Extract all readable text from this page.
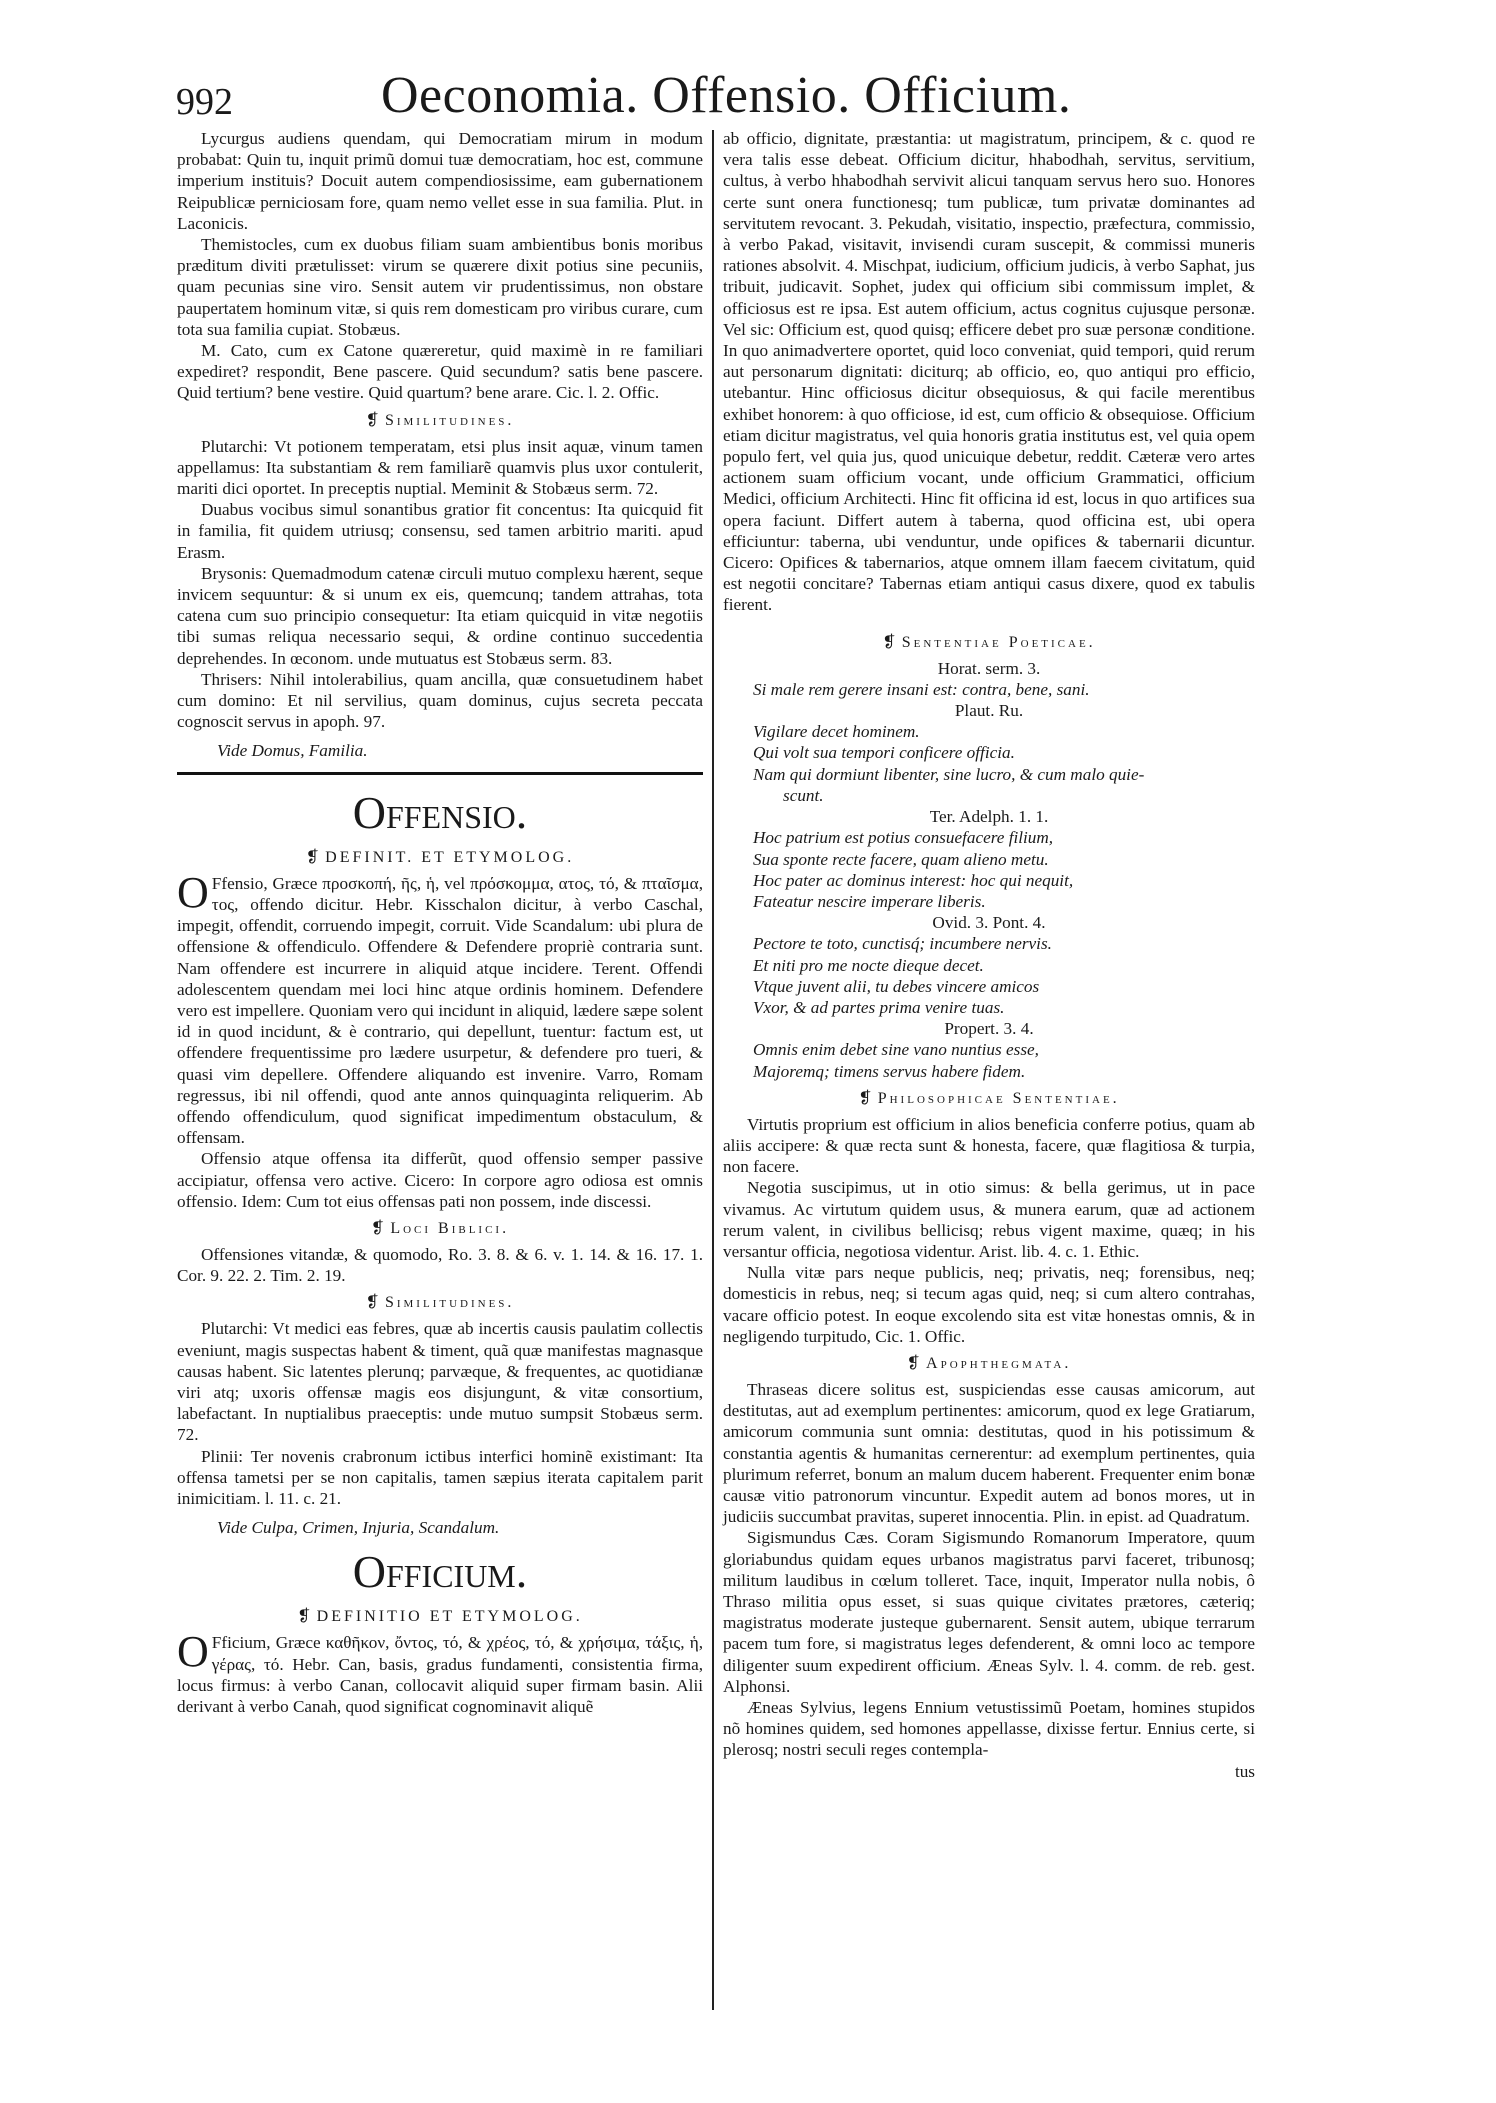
992	Oeconomia. Offensio. Officium.

Lycurgus audiens quendam, qui Democratiam mirum in modum probabat: Quin tu, inquit primũ domui tuæ democratiam, hoc est, commune imperium instituis? Docuit autem compendiosissime, eam gubernationem Reipublicæ perniciosam fore, quam nemo vellet esse in sua familia. Plut. in Laconicis.

Themistocles, cum ex duobus filiam suam ambientibus bonis moribus præditum diviti prætulisset: virum se quærere dixit potius sine pecuniis, quam pecunias sine viro. Sensit autem vir prudentissimus, non obstare paupertatem hominum vitæ, si quis rem domesticam pro viribus curare, cum tota sua familia cupiat. Stobæus.

M. Cato, cum ex Catone quæreretur, quid maximè in re familiari expediret? respondit, Bene pascere. Quid secundum? satis bene pascere. Quid tertium? bene vestire. Quid quartum? bene arare. Cic. l. 2. Offic.

❡ Similitudines.

Plutarchi: Vt potionem temperatam, etsi plus insit aquæ, vinum tamen appellamus: Ita substantiam & rem familiarẽ quamvis plus uxor contulerit, mariti dici oportet. In preceptis nuptial. Meminit & Stobæus serm. 72.

Duabus vocibus simul sonantibus gratior fit concentus: Ita quicquid fit in familia, fit quidem utriusq; consensu, sed tamen arbitrio mariti. apud Erasm.

Brysonis: Quemadmodum catenæ circuli mutuo complexu hærent, seque invicem sequuntur: & si unum ex eis, quemcunq; tandem attrahas, tota catena cum suo principio consequetur: Ita etiam quicquid in vitæ negotiis tibi sumas reliqua necessario sequi, & ordine continuo succedentia deprehendes. In œconom. unde mutuatus est Stobæus serm. 83.

Thrisers: Nihil intolerabilius, quam ancilla, quæ consuetudinem habet cum domino: Et nil servilius, quam dominus, cujus secreta peccata cognoscit servus in apoph. 97.

Vide Domus, Familia.

Offensio.
❡ DEFINIT. ET ETYMOLOG.

O Ffensio, Græce προσκοπή, ῆς, ἡ, vel πρόσκομμα, ατος, τό, & πταῖσμα, τος, offendo dicitur. Hebr. Kisschalon dicitur, à verbo Caschal, impegit, offendit, corruendo impegit, corruit. Vide Scandalum: ubi plura de offensione & offendiculo. Offendere & Defendere propriè contraria sunt. Nam offendere est incurrere in aliquid atque incidere. Terent. Offendi adolescentem quendam mei loci hinc atque ordinis hominem. Defendere vero est impellere. Quoniam vero qui incidunt in aliquid, lædere sæpe solent id in quod incidunt, & è contrario, qui depellunt, tuentur: factum est, ut offendere frequentissime pro lædere usurpetur, & defendere pro tueri, & quasi vim depellere. Offendere aliquando est invenire. Varro, Romam regressus, ibi nil offendi, quod ante annos quinquaginta reliquerim. Ab offendo offendiculum, quod significat impedimentum obstaculum, & offensam.

Offensio atque offensa ita differũt, quod offensio semper passive accipiatur, offensa vero active. Cicero: In corpore agro odiosa est omnis offensio. Idem: Cum tot eius offensas pati non possem, inde discessi.

❡ Loci Biblici.

Offensiones vitandæ, & quomodo, Ro. 3. 8. & 6. v. 1. 14. & 16. 17. 1. Cor. 9. 22. 2. Tim. 2. 19.

❡ Similitudines.

Plutarchi: Vt medici eas febres, quæ ab incertis causis paulatim collectis eveniunt, magis suspectas habent & timent, quã quæ manifestas magnasque causas habent. Sic latentes plerunq; parvæque, & frequentes, ac quotidianæ viri atq; uxoris offensæ magis eos disjungunt, & vitæ consortium, labefactant. In nuptialibus praeceptis: unde mutuo sumpsit Stobæus serm. 72.

Plinii: Ter novenis crabronum ictibus interfici hominẽ existimant: Ita offensa tametsi per se non capitalis, tamen sæpius iterata capitalem parit inimicitiam. l. 11. c. 21.

Vide Culpa, Crimen, Injuria, Scandalum.

Officium.
❡ DEFINITIO ET ETYMOLOG.

O Fficium, Græce καθῆκον, ὄντος, τό, & χρέος, τό, & χρήσιμα, τάξις, ἡ, γέρας, τό. Hebr. Can, basis, gradus fundamenti, consistentia firma, locus firmus: à verbo Canan, collocavit aliquid super firmam basin. Alii derivant à verbo Canah, quod significat cognominavit aliquẽ

ab officio, dignitate, præstantia: ut magistratum, principem, & c. quod re vera talis esse debeat. Officium dicitur, hhabodhah, servitus, servitium, cultus, à verbo hhabodhah servivit alicui tanquam servus hero suo. Honores certe sunt onera functionesq; tum publicæ, tum privatæ dominantes ad servitutem revocant. 3. Pekudah, visitatio, inspectio, præfectura, commissio, à verbo Pakad, visitavit, invisendi curam suscepit, & commissi muneris rationes absolvit. 4. Mischpat, iudicium, officium judicis, à verbo Saphat, jus tribuit, judicavit. Sophet, judex qui officium sibi commissum implet, & officiosus est re ipsa. Est autem officium, actus cognitus cujusque personæ. Vel sic: Officium est, quod quisq; efficere debet pro suæ personæ conditione. In quo animadvertere oportet, quid loco conveniat, quid tempori, quid rerum aut personarum dignitati: diciturq; ab officio, eo, quo antiqui pro efficio, utebantur. Hinc officiosus dicitur obsequiosus, & qui facile merentibus exhibet honorem: à quo officiose, id est, cum officio & obsequiose. Officium etiam dicitur magistratus, vel quia honoris gratia institutus est, vel quia opem populo fert, vel quia jus, quod unicuique debetur, reddit. Cæteræ vero artes actionem suam officium vocant, unde officium Grammatici, officium Medici, officium Architecti. Hinc fit officina id est, locus in quo artifices sua opera faciunt. Differt autem à taberna, quod officina est, ubi opera efficiuntur: taberna, ubi venduntur, unde opifices & tabernarii dicuntur. Cicero: Opifices & tabernarios, atque omnem illam faecem civitatum, quid est negotii concitare? Tabernas etiam antiqui casus dixere, quod ex tabulis fierent.

❡ Sententiae Poeticae.
Horat. serm. 3.
Si male rem gerere insani est: contra, bene, sani.
Plaut. Ru.
Vigilare decet hominem.
Qui volt sua tempori conficere officia.
Nam qui dormiunt libenter, sine lucro, & cum malo quie-
scunt.
Ter. Adelph. 1. 1.
Hoc patrium est potius consuefacere filium,
Sua sponte recte facere, quam alieno metu.
Hoc pater ac dominus interest: hoc qui nequit,
Fateatur nescire imperare liberis.
Ovid. 3. Pont. 4.
Pectore te toto, cunctisq́; incumbere nervis.
Et niti pro me nocte dieque decet.
Vtque juvent alii, tu debes vincere amicos
Vxor, & ad partes prima venire tuas.
Propert. 3. 4.
Omnis enim debet sine vano nuntius esse,
Majoremq; timens servus habere fidem.
❡ Philosophicae Sententiae.

Virtutis proprium est officium in alios beneficia conferre potius, quam ab aliis accipere: & quæ recta sunt & honesta, facere, quæ flagitiosa & turpia, non facere.

Negotia suscipimus, ut in otio simus: & bella gerimus, ut in pace vivamus. Ac virtutum quidem usus, & munera earum, quæ ad actionem rerum valent, in civilibus bellicisq; rebus vigent maxime, quæq; in his versantur officia, negotiosa videntur. Arist. lib. 4. c. 1. Ethic.

Nulla vitæ pars neque publicis, neq; privatis, neq; forensibus, neq; domesticis in rebus, neq; si tecum agas quid, neq; si cum altero contrahas, vacare officio potest. In eoque excolendo sita est vitæ honestas omnis, & in negligendo turpitudo, Cic. 1. Offic.

❡ Apophthegmata.

Thraseas dicere solitus est, suspiciendas esse causas amicorum, aut destitutas, aut ad exemplum pertinentes: amicorum, quod ex lege Gratiarum, amicorum communia sunt omnia: destitutas, quod in his potissimum & constantia agentis & humanitas cernerentur: ad exemplum pertinentes, quia plurimum referret, bonum an malum ducem haberent. Frequenter enim bonæ causæ vitio patronorum vincuntur. Expedit autem ad bonos mores, ut in judiciis succumbat pravitas, superet innocentia. Plin. in epist. ad Quadratum.

Sigismundus Cæs. Coram Sigismundo Romanorum Imperatore, quum gloriabundus quidam eques urbanos magistratus parvi faceret, tribunosq; militum laudibus in cœlum tolleret. Tace, inquit, Imperator nulla nobis, ô Thraso militia opus esset, si suas quique civitates prætores, cæteriq; magistratus moderate justeque gubernarent. Sensit autem, ubique terrarum pacem tum fore, si magistratus leges defenderent, & omni loco ac tempore diligenter suum expedirent officium. Æneas Sylv. l. 4. comm. de reb. gest. Alphonsi.

Æneas Sylvius, legens Ennium vetustissimũ Poetam, homines stupidos nõ homines quidem, sed homones appellasse, dixisse fertur. Ennius certe, si plerosq; nostri seculi reges contempla-

tus
